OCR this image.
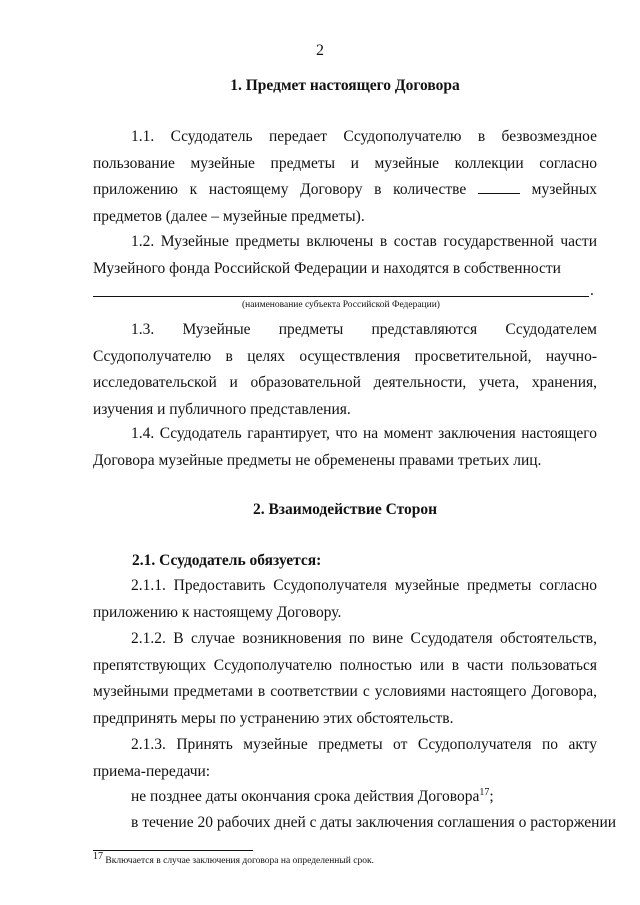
2
1. Предмет настоящего Договора

1.1. Ссудодатель передает Ссудополучателю в безвозмездное пользование музейные предметы и музейные коллекции согласно приложению к настоящему Договору в количестве	музейных предметов (далее – музейные предметы).

1.2. Музейные предметы включены в состав государственной части Музейного фонда Российской Федерации и находятся в собственности

.
(наименование субъекта Российской Федерации)

1.3. Музейные предметы представляются Ссудодателем Ссудополучателю в целях осуществления просветительной, научно-исследовательской и образовательной деятельности, учета, хранения, изучения и публичного представления.

1.4. Ссудодатель гарантирует, что на момент заключения настоящего Договора музейные предметы не обременены правами третьих лиц.

2. Взаимодействие Сторон
2.1. Ссудодатель обязуется:

2.1.1. Предоставить Ссудополучателя музейные предметы согласно приложению к настоящему Договору.

2.1.2. В случае возникновения по вине Ссудодателя обстоятельств, препятствующих Ссудополучателю полностью или в части пользоваться музейными предметами в соответствии с условиями настоящего Договора, предпринять меры по устранению этих обстоятельств.

2.1.3. Принять музейные предметы от Ссудополучателя по акту приема-передачи:

не позднее даты окончания срока действия Договора$^{17}$;

в течение 20 рабочих дней с даты заключения соглашения о расторжении

$^{17}$ Включается в случае заключения договора на определенный срок.
